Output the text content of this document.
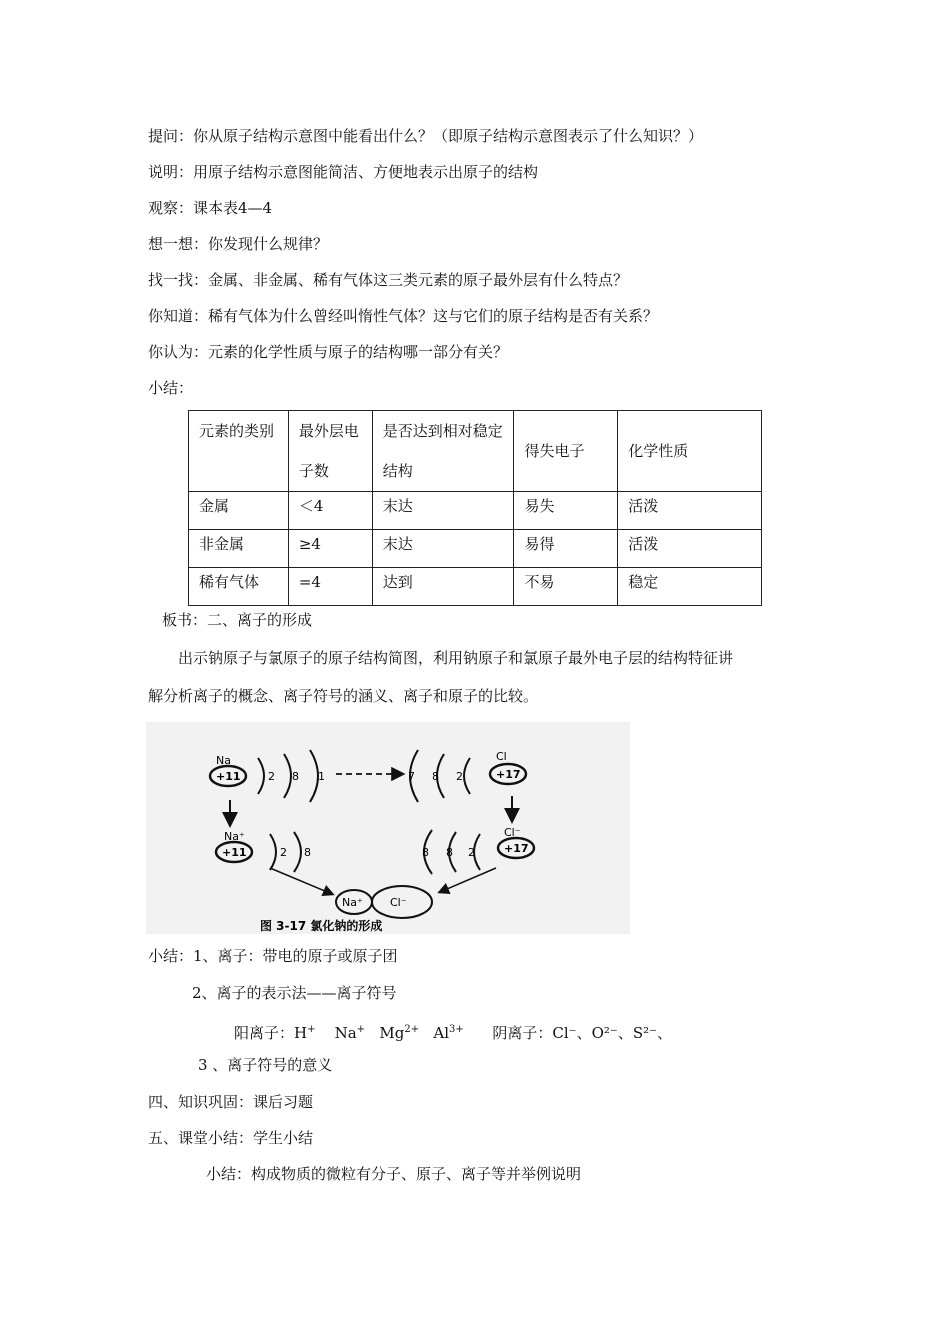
提问：你从原子结构示意图中能看出什么？（即原子结构示意图表示了什么知识？）
说明：用原子结构示意图能简洁、方便地表示出原子的结构
观察：课本表4—4
想一想：你发现什么规律？
找一找：金属、非金属、稀有气体这三类元素的原子最外层有什么特点？
你知道：稀有气体为什么曾经叫惰性气体？这与它们的原子结构是否有关系？
你认为：元素的化学性质与原子的结构哪一部分有关？
小结：
元素的类别	最外层电子数	是否达到相对稳定结构	得失电子	化学性质
金属	＜4	末达	易失	活泼
非金属	≥4	末达	易得	活泼
稀有气体	=4	达到	不易	稳定
板书：二、离子的形成
出示钠原子与氯原子的原子结构简图，利用钠原子和氯原子最外电子层的结构特征讲
解分析离子的概念、离子符号的涵义、离子和原子的比较。
Na
+11 2 8 1	7 8 2
Cl
+17
Na⁺
+11	2 8	8 8 2
Cl⁻
+17
Na⁺ Cl⁻
图 3-17 氯化钠的形成
小结：1、离子：带电的原子或原子团
2、离子的表示法——离子符号
阳离子：H+ Na+ $Mg^{2+}$ $Al^{3+}$ 阴离子：Cl⁻、O²⁻、S²⁻、
3 、离子符号的意义
四、知识巩固：课后习题
五、课堂小结：学生小结
小结：构成物质的微粒有分子、原子、离子等并举例说明
